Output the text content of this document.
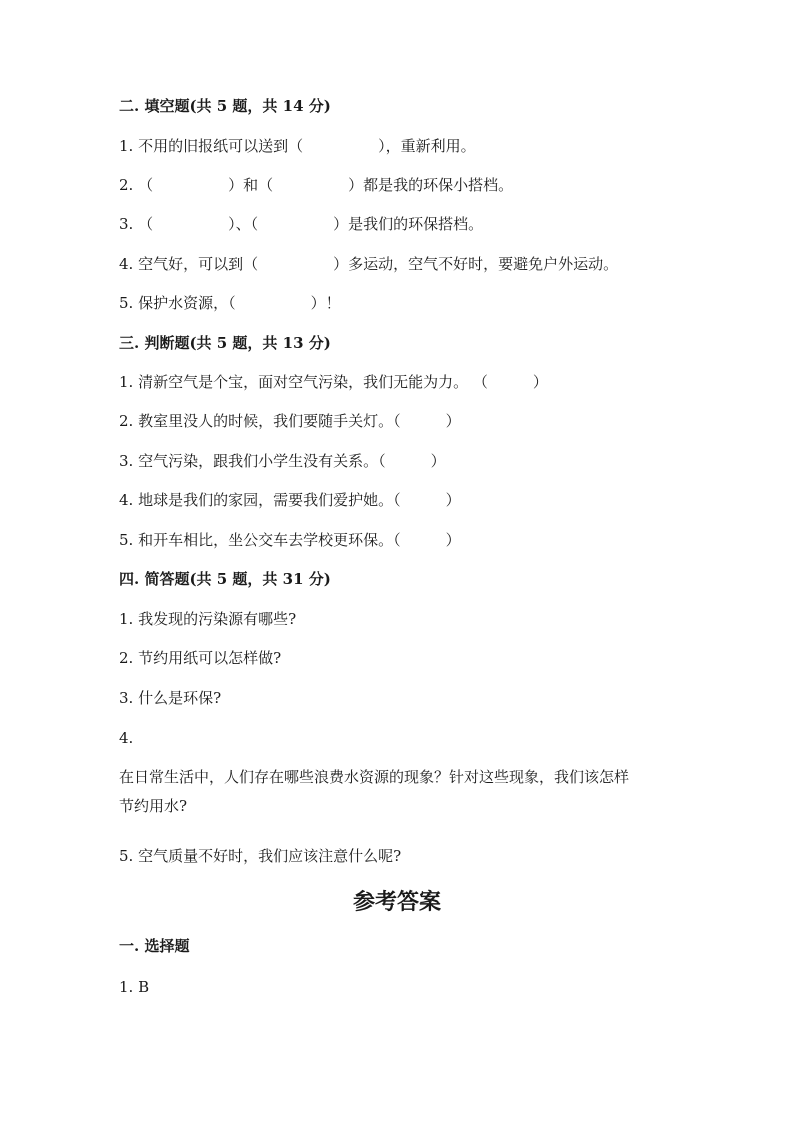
二. 填空题(共 5 题，共 14 分)
1. 不用的旧报纸可以送到（　　　　　），重新利用。
2. （　　　　　）和（　　　　　）都是我的环保小搭档。
3. （　　　　　）、（　　　　　）是我们的环保搭档。
4. 空气好，可以到（　　　　　）多运动，空气不好时，要避免户外运动。
5. 保护水资源，（　　　　　）！
三. 判断题(共 5 题，共 13 分)
1. 清新空气是个宝，面对空气污染，我们无能为力。 （　　　）
2. 教室里没人的时候，我们要随手关灯。（　　　）
3. 空气污染，跟我们小学生没有关系。（　　　）
4. 地球是我们的家园，需要我们爱护她。（　　　）
5. 和开车相比，坐公交车去学校更环保。（　　　）
四. 简答题(共 5 题，共 31 分)
1. 我发现的污染源有哪些?
2. 节约用纸可以怎样做?
3. 什么是环保?
4.
在日常生活中，人们存在哪些浪费水资源的现象？针对这些现象，我们该怎样
节约用水?
5. 空气质量不好时，我们应该注意什么呢?
参考答案
一. 选择题
1. B
